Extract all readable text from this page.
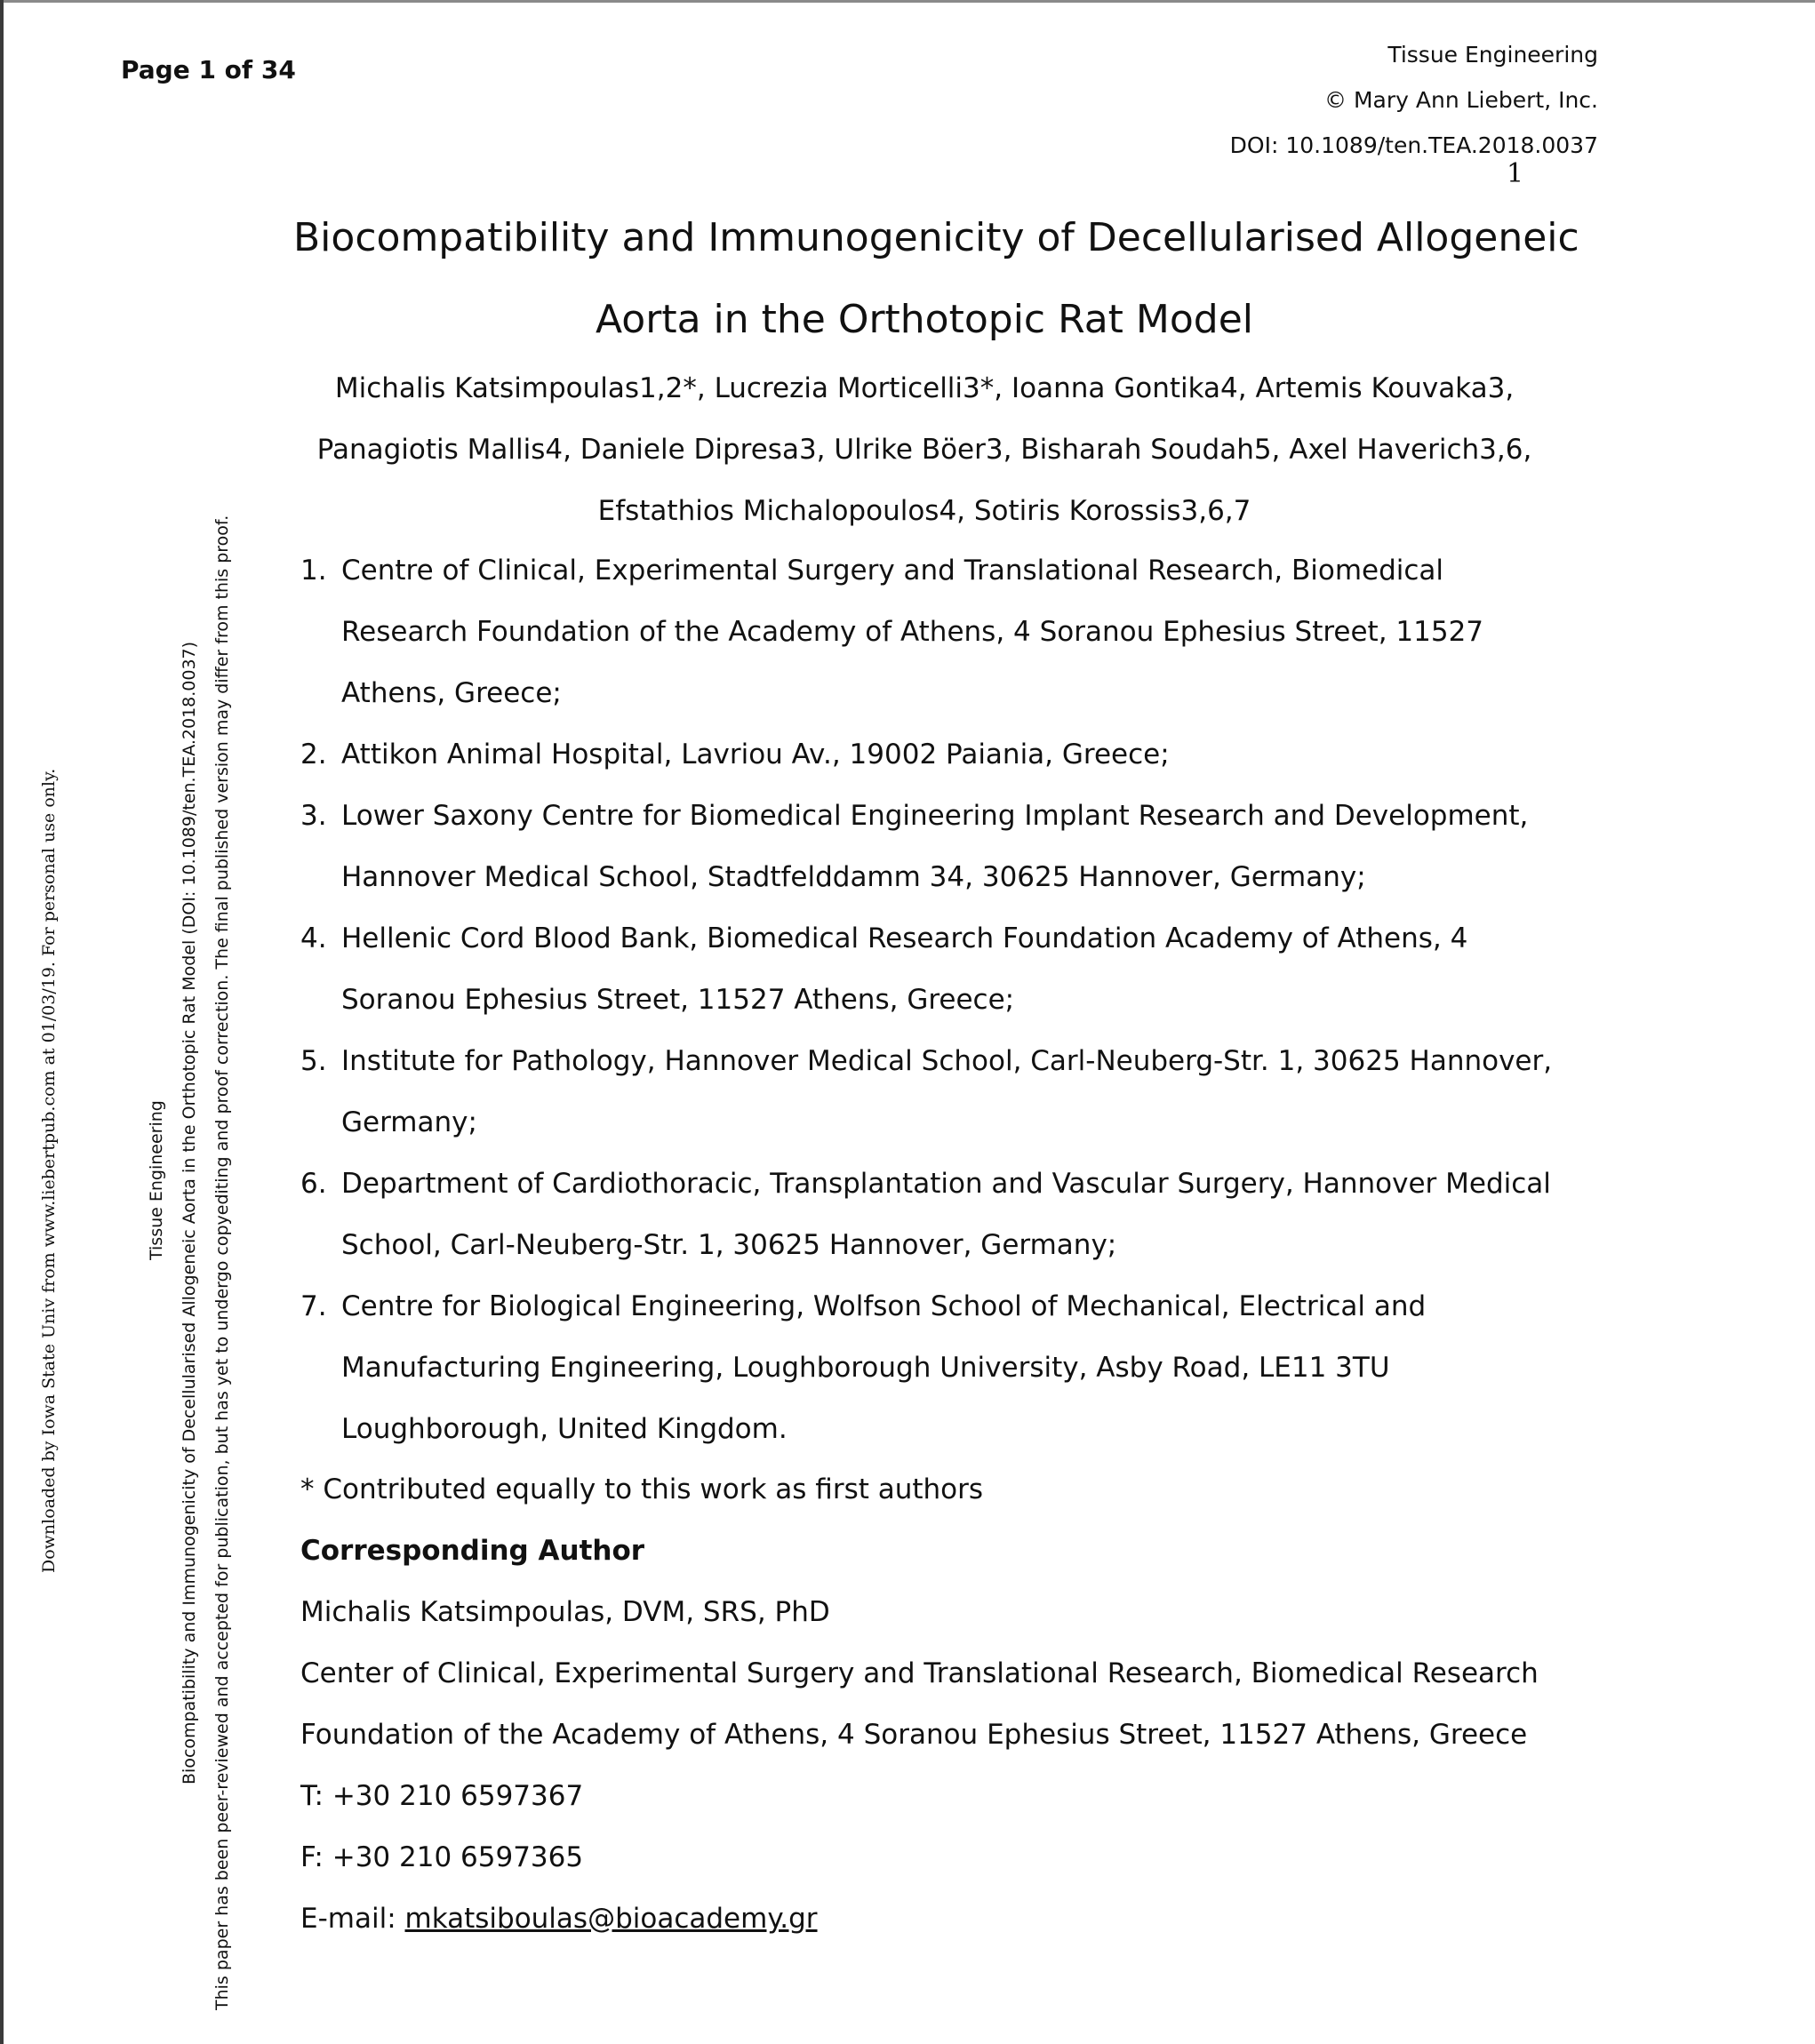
Page 1 of 34
Tissue Engineering
© Mary Ann Liebert, Inc.
DOI: 10.1089/ten.TEA.2018.0037
1
Biocompatibility and Immunogenicity of Decellularised Allogeneic
Aorta in the Orthotopic Rat Model
Michalis Katsimpoulas1,2*, Lucrezia Morticelli3*, Ioanna Gontika4, Artemis Kouvaka3,
Panagiotis Mallis4, Daniele Dipresa3, Ulrike Böer3, Bisharah Soudah5, Axel Haverich3,6,
Efstathios Michalopoulos4, Sotiris Korossis3,6,7
1. Centre of Clinical, Experimental Surgery and Translational Research, Biomedical
Research Foundation of the Academy of Athens, 4 Soranou Ephesius Street, 11527
Athens, Greece;
2. Attikon Animal Hospital, Lavriou Av., 19002 Paiania, Greece;
3. Lower Saxony Centre for Biomedical Engineering Implant Research and Development,
Hannover Medical School, Stadtfelddamm 34, 30625 Hannover, Germany;
4. Hellenic Cord Blood Bank, Biomedical Research Foundation Academy of Athens, 4
Soranou Ephesius Street, 11527 Athens, Greece;
5. Institute for Pathology, Hannover Medical School, Carl-Neuberg-Str. 1, 30625 Hannover,
Germany;
6. Department of Cardiothoracic, Transplantation and Vascular Surgery, Hannover Medical
School, Carl-Neuberg-Str. 1, 30625 Hannover, Germany;
7. Centre for Biological Engineering, Wolfson School of Mechanical, Electrical and
Manufacturing Engineering, Loughborough University, Asby Road, LE11 3TU
Loughborough, United Kingdom.
* Contributed equally to this work as first authors
Corresponding Author
Michalis Katsimpoulas, DVM, SRS, PhD
Center of Clinical, Experimental Surgery and Translational Research, Biomedical Research
Foundation of the Academy of Athens, 4 Soranou Ephesius Street, 11527 Athens, Greece
T: +30 210 6597367
F: +30 210 6597365
E-mail: mkatsiboulas@bioacademy.gr
Downloaded by Iowa State Univ from www.liebertpub.com at 01/03/19. For personal use only.	Tissue Engineering Biocompatibility and Immunogenicity of Decellularised Allogeneic Aorta in the Orthotopic Rat Model (DOI: 10.1089/ten.TEA.2018.0037) This paper has been peer-reviewed and accepted for publication, but has yet to undergo copyediting and proof correction. The final published version may differ from this proof.
